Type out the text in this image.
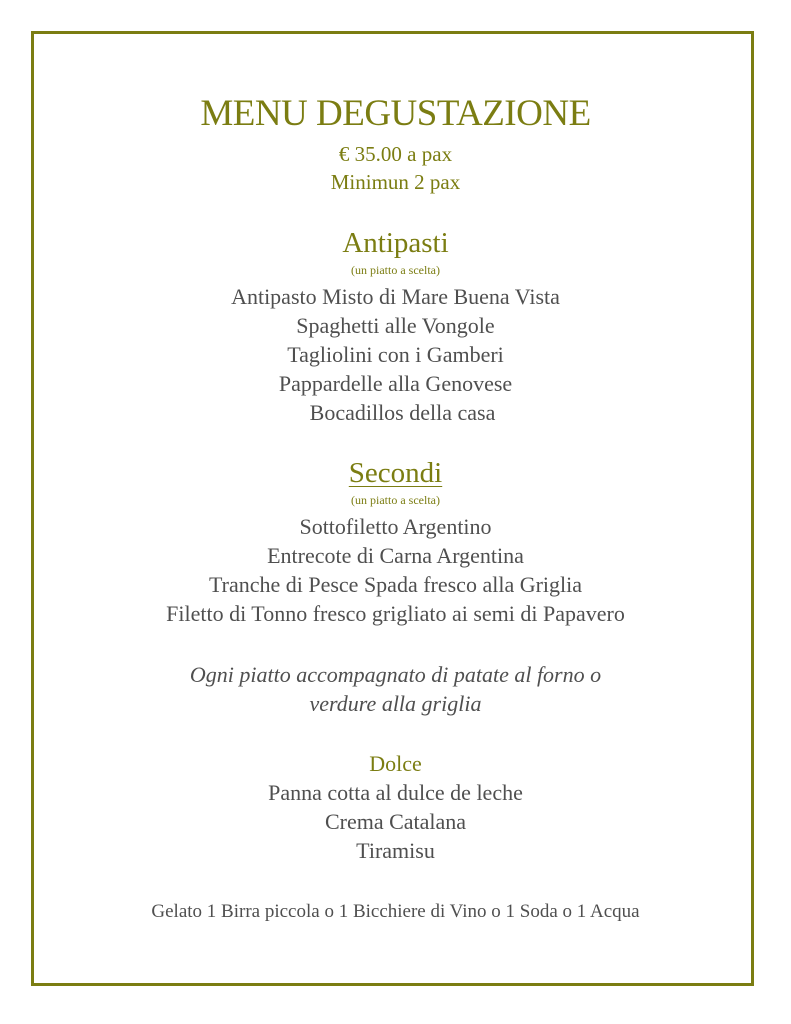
MENU DEGUSTAZIONE
€ 35.00 a pax
Minimun 2 pax
Antipasti
(un piatto a scelta)
Antipasto Misto di Mare Buena Vista
Spaghetti alle Vongole
Tagliolini con i Gamberi
Pappardelle alla Genovese
Bocadillos della casa
Secondi
(un piatto a scelta)
Sottofiletto Argentino
Entrecote di Carna Argentina
Tranche di Pesce Spada fresco alla Griglia
Filetto di Tonno fresco grigliato ai semi di Papavero
Ogni piatto accompagnato di patate al forno o
verdure alla griglia
Dolce
Panna cotta al dulce de leche
Crema Catalana
Tiramisu
Gelato 1 Birra piccola o 1 Bicchiere di Vino o 1 Soda o 1 Acqua
